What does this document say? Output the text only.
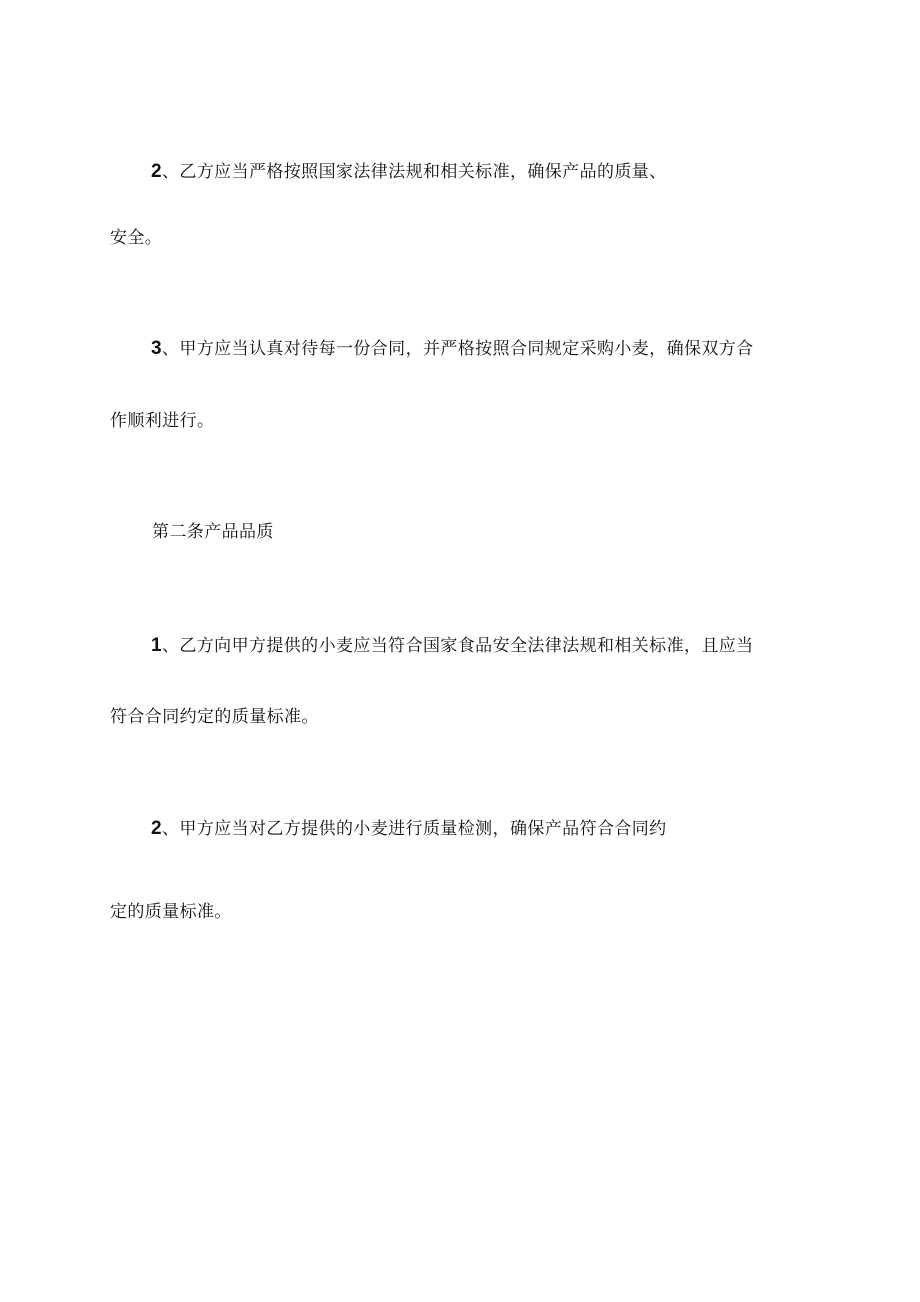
2、乙方应当严格按照国家法律法规和相关标准，确保产品的质量、
安全。
3、甲方应当认真对待每一份合同，并严格按照合同规定采购小麦，确保双方合
作顺利进行。
第二条产品品质
1、乙方向甲方提供的小麦应当符合国家食品安全法律法规和相关标准，且应当
符合合同约定的质量标准。
2、甲方应当对乙方提供的小麦进行质量检测，确保产品符合合同约
定的质量标准。
